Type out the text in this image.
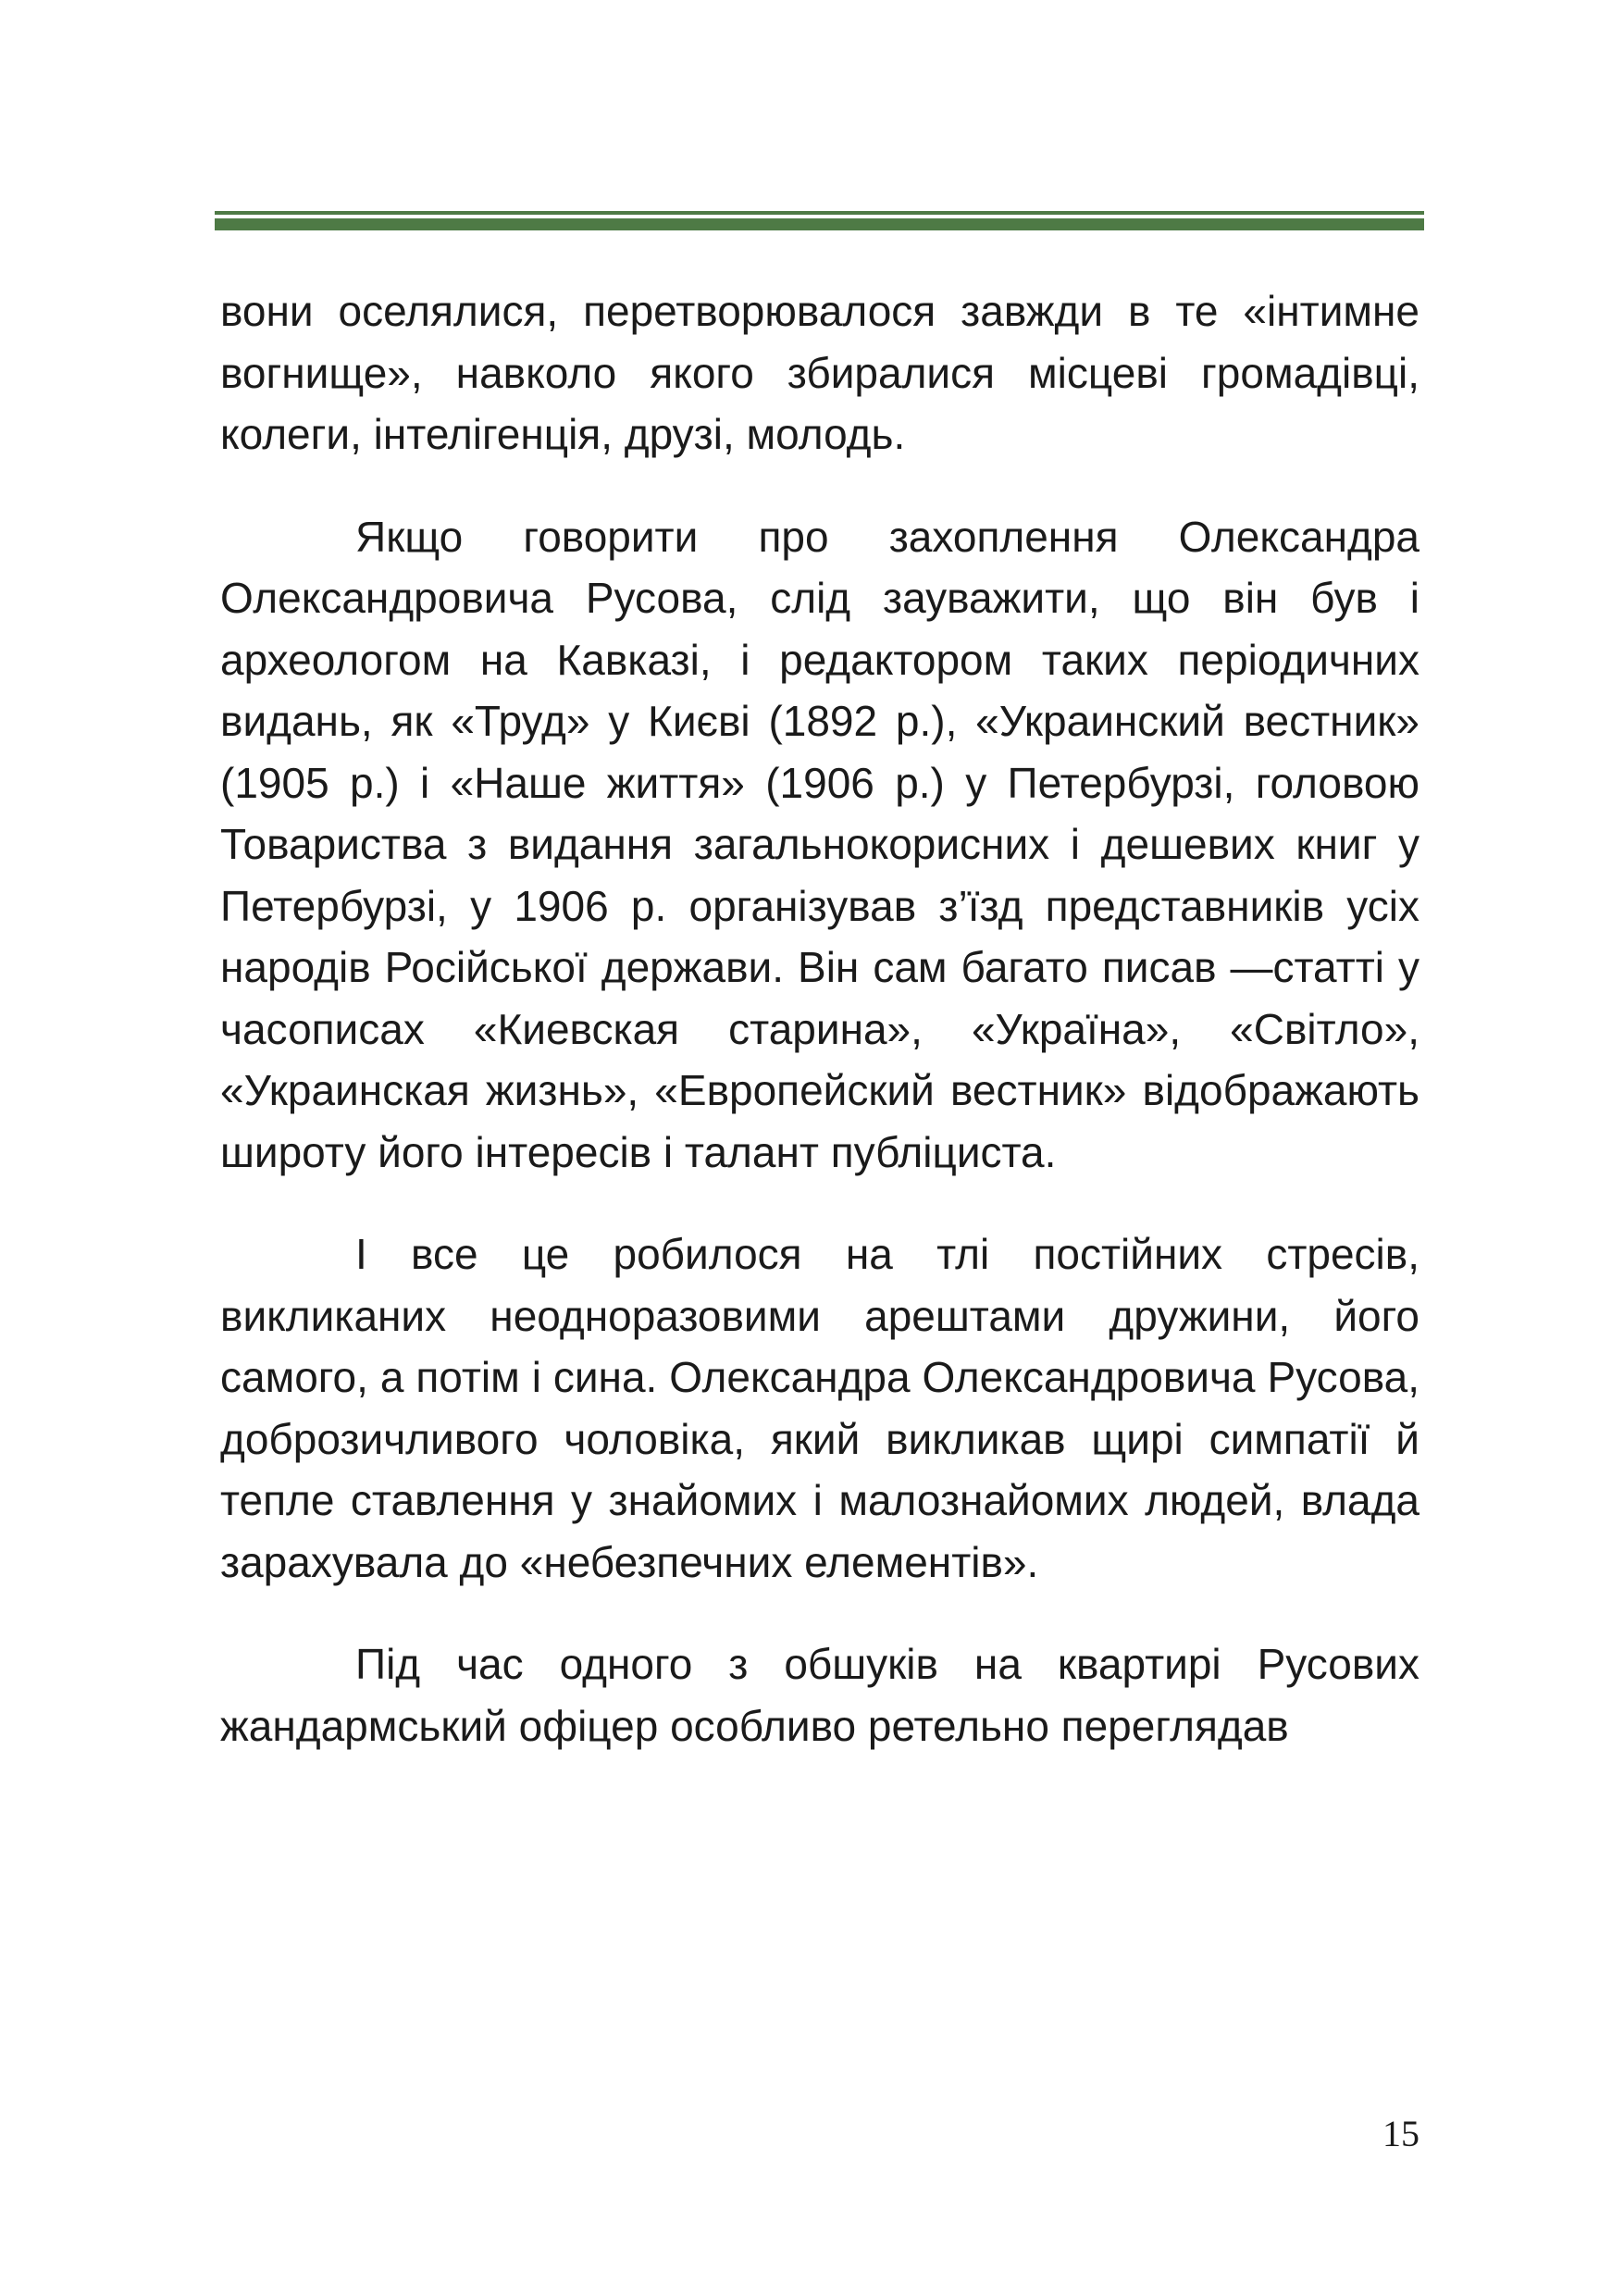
вони оселялися, перетворювалося завжди в те «інтимне вогнище», навколо якого збиралися місцеві громадівці, колеги, інтелігенція, друзі, молодь.

Якщо говорити про захоплення Олександра Олександровича Русова, слід зауважити, що він був і археологом на Кавказі, і редактором таких періодичних видань, як «Труд» у Києві (1892 р.), «Украинский вестник» (1905 р.) і «Наше життя» (1906 р.) у Петербурзі, головою Товариства з видання загальнокорисних і дешевих книг у Петербурзі, у 1906 р. організував з’їзд представників усіх народів Російської держави. Він сам багато писав —статті у часописах «Киевская старина», «Україна», «Світло», «Украинская жизнь», «Европейский вестник» відображають широту його інтересів і талант публіциста.

І все це робилося на тлі постійних стресів, викликаних неодноразовими арештами дружини, його самого, а потім і сина. Олександра Олександровича Русова, доброзичливого чоловіка, який викликав щирі симпатії й тепле ставлення у знайомих і малознайомих людей, влада зарахувала до «небезпечних елементів».

Під час одного з обшуків на квартирі Русових жандармський офіцер особливо ретельно переглядав

15
